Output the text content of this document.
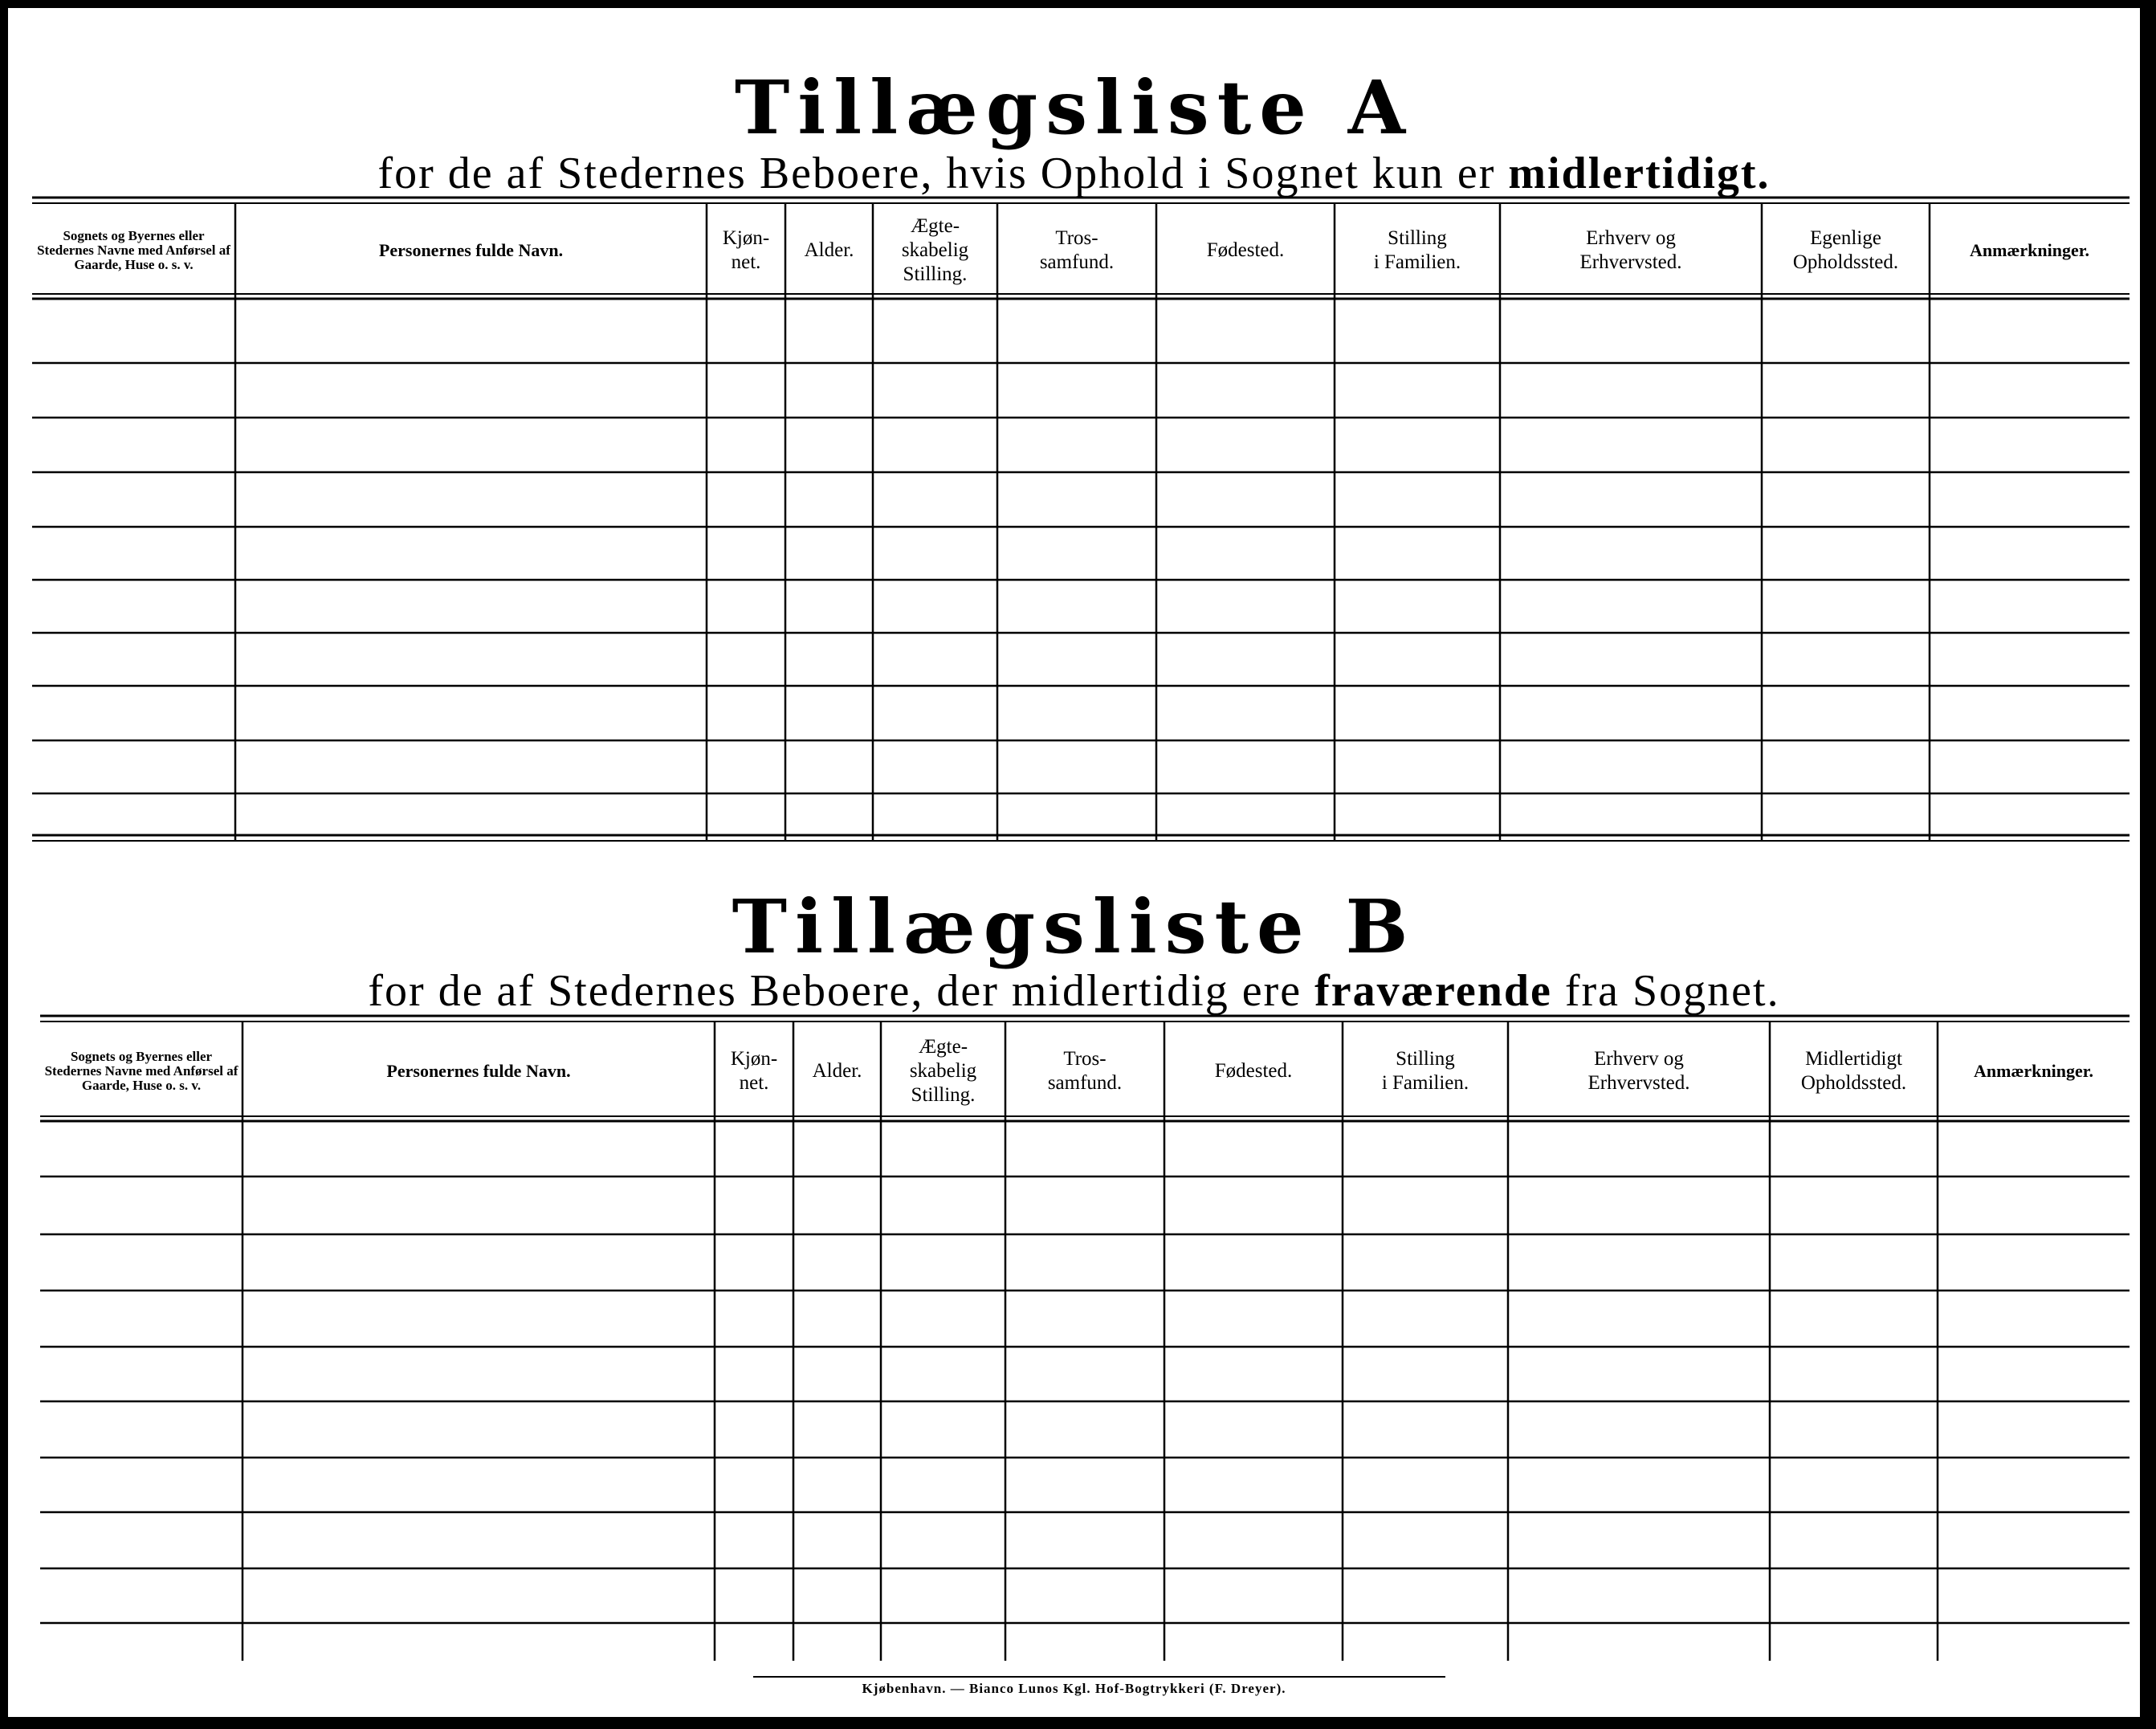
Tillægsliste A
for de af Stedernes Beboere, hvis Ophold i Sognet kun er midlertidigt.
Sognets og Byernes eller Stedernes Navne med Anførsel af Gaarde, Huse o. s. v.
Personernes fulde Navn.
Kjøn-
net.
Alder.
Ægte-
skabelig
Stilling.
Tros-
samfund.
Fødested.
Stilling
i Familien.
Erhverv og
Erhvervsted.
Egenlige
Opholdssted.
Anmærkninger.
Tillægsliste B
for de af Stedernes Beboere, der midlertidig ere fraværende fra Sognet.
Sognets og Byernes eller Stedernes Navne med Anførsel af Gaarde, Huse o. s. v.
Personernes fulde Navn.
Kjøn-
net.
Alder.
Ægte-
skabelig
Stilling.
Tros-
samfund.
Fødested.
Stilling
i Familien.
Erhverv og
Erhvervsted.
Midlertidigt
Opholdssted.
Anmærkninger.
Kjøbenhavn. — Bianco Lunos Kgl. Hof-Bogtrykkeri (F. Dreyer).
